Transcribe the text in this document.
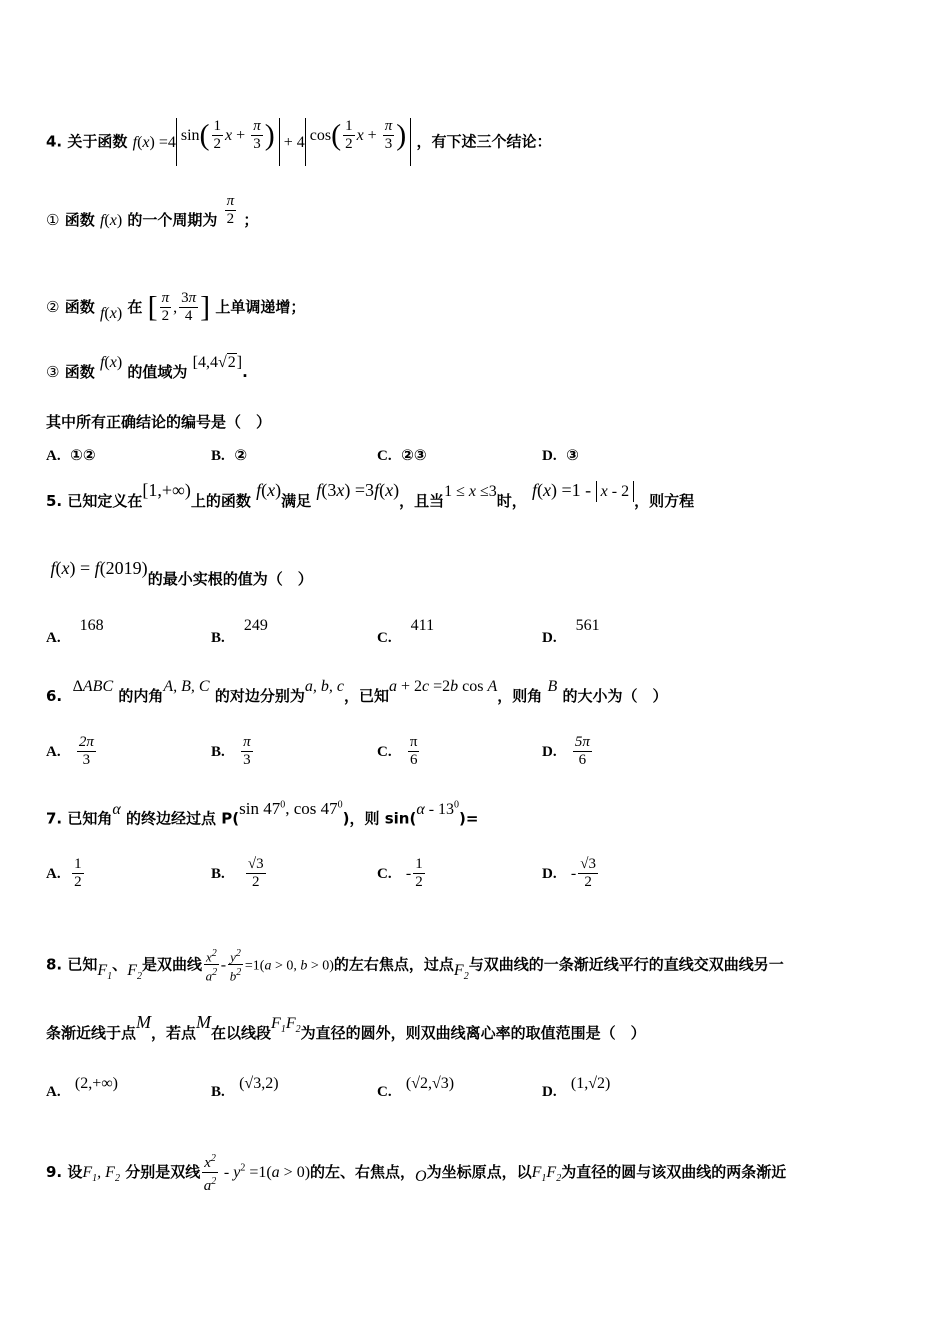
4. 关于函数 f(x) =4 $\sin( \frac{1}{2}$ $x + \frac{\pi}{3}$ ) + 4 $\cos( \frac{1}{2}$ $x + \frac{\pi}{3}$ ) ，有下述三个结论：
① 函数 f(x) 的一个周期为 $\frac{\pi}{2}$ ；
② 函数 f(x) 在 [ $\frac{\pi}{2}$ , $\frac{3\pi}{4}$ ] 上单调递增；
③ 函数 f(x) 的值域为 [4,4√2].
其中所有正确结论的编号是（　）
A. ①②	B. ②	C. ②③	D. ③
5. 已知定义在[1,+∞)上的函数 f(x)满足 f(3x) =3f(x)，且当1 ≤ x ≤3时， f(x) =1 - x - 2，则方程
f(x) = f(2019)的最小实根的值为（　）
A.    168
B.    249
C.    411
D.    561
6.  ΔABC 的内角A, B, C 的对边分别为a, b, c，已知a + 2c =2b cos A，则角 B 的大小为（　）
A. $\frac{2\pi}{3}$	B. $\frac{\pi}{3}$	C. $\frac{\pi}{6}$	D. $\frac{5\pi}{6}$
7. 已知角α 的终边经过点 P(sin $47^0$, $\cos 47^0$)，则 $\sin(\alpha - 13^0)=$
A. $\frac{1}{2}$	B. $\frac{√3}{2}$	C. - $\frac{1}{2}$	D. - $\frac{√3}{2}$
8. 已知$F_1$、$F_2$是双曲线 $\frac{x^2}{a^2} - \frac{y^2}{b^2} =1(a > 0$, b > 0)的左右焦点，过点$F_2$与双曲线的一条渐近线平行的直线交双曲线另一
条渐近线于点M，若点M在以线段$F_1F_2$为直径的圆外，则双曲线离心率的取值范围是（　）
A. (2,+∞)	B. (√3,2)	C. (√2,√3)	D. (1,√2)
9. 设$F_1$, $F_2$ 分别是双线 $\frac{x^2}{a^2} - y^2 =1(a > 0)$的左、右焦点，O为坐标原点，以$F_1F_2$为直径的圆与该双曲线的两条渐近
